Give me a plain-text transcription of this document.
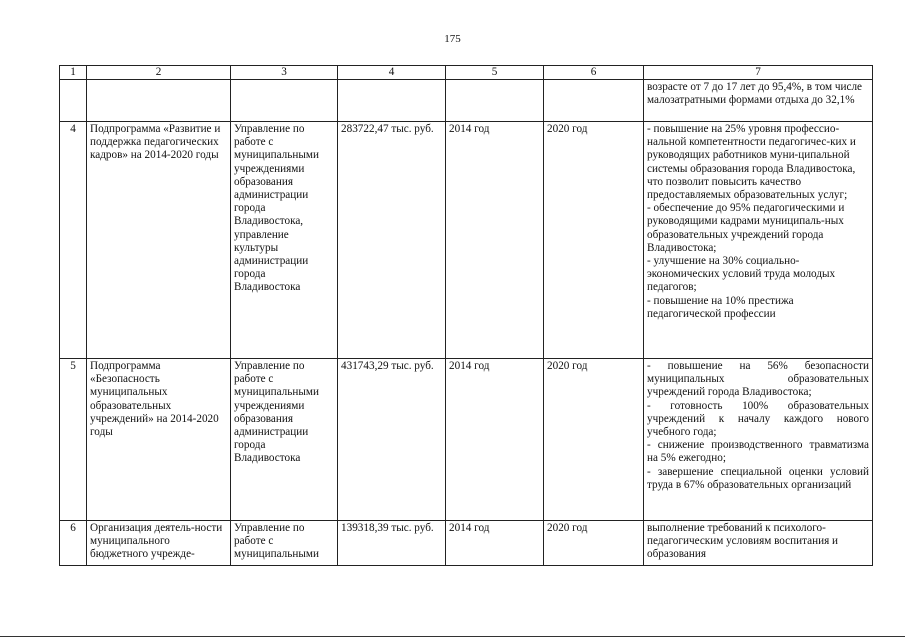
175
1	2	3	4	5	6	7

						возрасте от 7 до 17 лет до 95,4%, в том числе малозатратными формами отдыха до 32,1%

4	Подпрограмма «Развитие и поддержка педагогических кадров» на 2014-2020 годы	Управление по работе с муниципальными учреждениями образования администрации города Владивостока, управление культуры администрации города Владивостока	283722,47 тыс. руб.	2014 год	2020 год	- повышение на 25% уровня профессио-нальной компетентности педагогичес-ких и руководящих работников муни-ципальной системы образования города Владивостока, что позволит повысить качество предоставляемых образовательных услуг;
- обеспечение до 95% педагогическими и руководящими кадрами муниципаль-ных образовательных учреждений города Владивостока;
- улучшение на 30% социально-экономических условий труда молодых педагогов;
- повышение на 10% престижа педагогической профессии

5	Подпрограмма «Безопасность муниципальных образовательных учреждений» на 2014-2020 годы	Управление по работе с муниципальными учреждениями образования администрации города Владивостока	431743,29 тыс. руб.	2014 год	2020 год	- повышение на 56% безопасности муниципальных образовательных учреждений города Владивостока;
- готовность 100% образовательных учреждений к началу каждого нового учебного года;
- снижение производственного травматизма на 5% ежегодно;
- завершение специальной оценки условий труда в 67% образовательных организаций

6	Организация деятель-ности муниципального бюджетного учрежде-	Управление по работе с муниципальными	139318,39 тыс. руб.	2014 год	2020 год	выполнение требований к психолого-педагогическим условиям воспитания и образования
